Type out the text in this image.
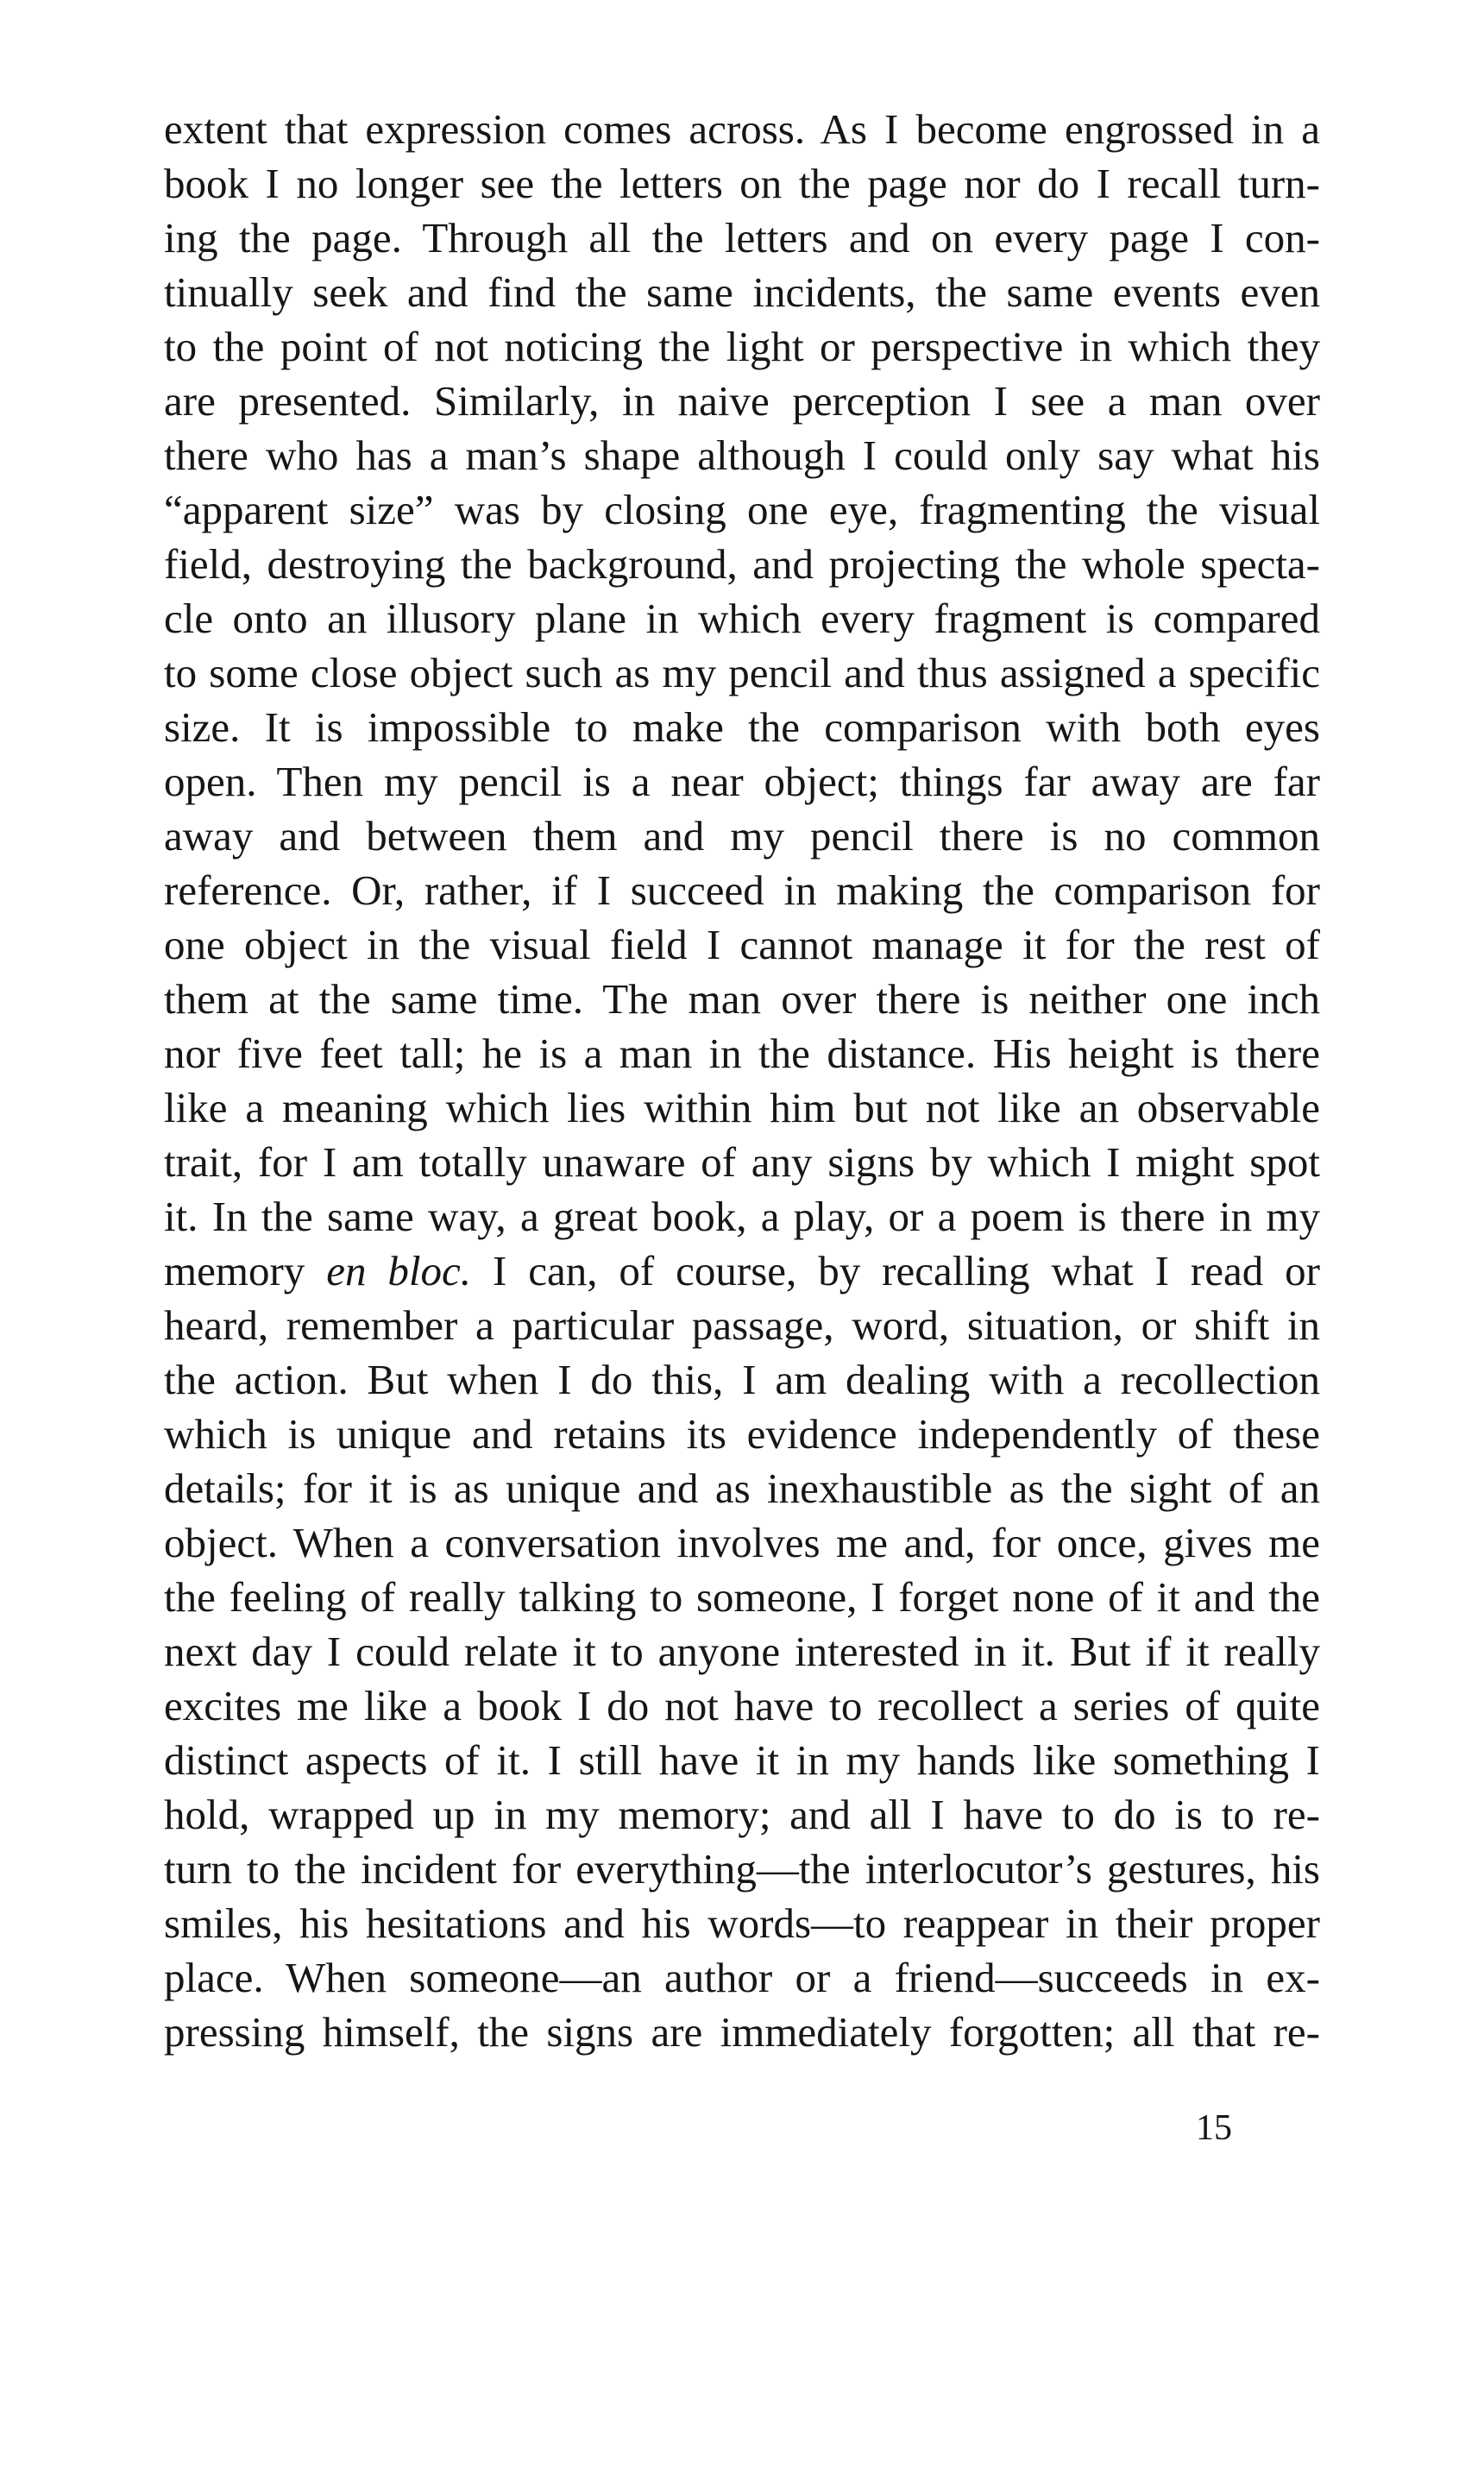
extent that expression comes across. As I become engrossed in a
book I no longer see the letters on the page nor do I recall turn-
ing the page. Through all the letters and on every page I con-
tinually seek and find the same incidents, the same events even
to the point of not noticing the light or perspective in which they
are presented. Similarly, in naive perception I see a man over
there who has a man’s shape although I could only say what his
“apparent size” was by closing one eye, fragmenting the visual
field, destroying the background, and projecting the whole specta-
cle onto an illusory plane in which every fragment is compared
to some close object such as my pencil and thus assigned a specific
size. It is impossible to make the comparison with both eyes
open. Then my pencil is a near object; things far away are far
away and between them and my pencil there is no common
reference. Or, rather, if I succeed in making the comparison for
one object in the visual field I cannot manage it for the rest of
them at the same time. The man over there is neither one inch
nor five feet tall; he is a man in the distance. His height is there
like a meaning which lies within him but not like an observable
trait, for I am totally unaware of any signs by which I might spot
it. In the same way, a great book, a play, or a poem is there in my
memory en bloc. I can, of course, by recalling what I read or
heard, remember a particular passage, word, situation, or shift in
the action. But when I do this, I am dealing with a recollection
which is unique and retains its evidence independently of these
details; for it is as unique and as inexhaustible as the sight of an
object. When a conversation involves me and, for once, gives me
the feeling of really talking to someone, I forget none of it and the
next day I could relate it to anyone interested in it. But if it really
excites me like a book I do not have to recollect a series of quite
distinct aspects of it. I still have it in my hands like something I
hold, wrapped up in my memory; and all I have to do is to re-
turn to the incident for everything—the interlocutor’s gestures, his
smiles, his hesitations and his words—to reappear in their proper
place. When someone—an author or a friend—succeeds in ex-
pressing himself, the signs are immediately forgotten; all that re-
15
